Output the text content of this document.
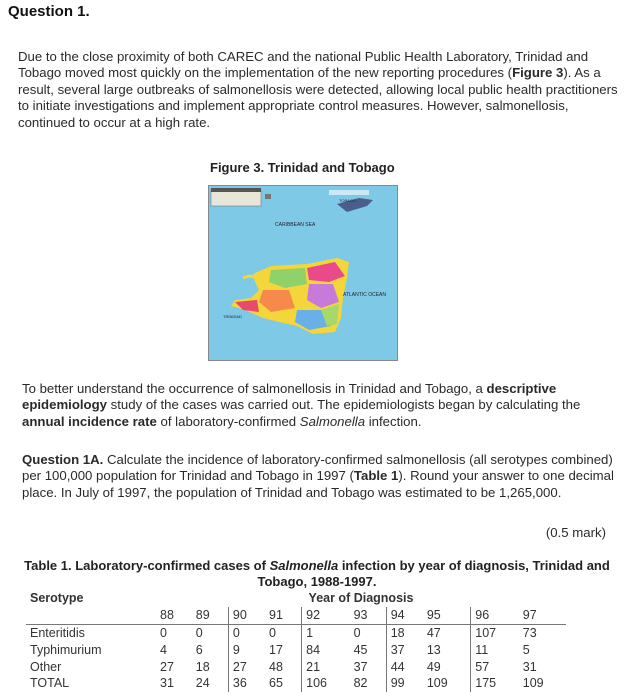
Question 1.
Due to the close proximity of both CAREC and the national Public Health Laboratory, Trinidad and Tobago moved most quickly on the implementation of the new reporting procedures (Figure 3). As a result, several large outbreaks of salmonellosis were detected, allowing local public health practitioners to initiate investigations and implement appropriate control measures. However, salmonellosis, continued to occur at a high rate.
Figure 3. Trinidad and Tobago
CARIBBEAN SEA
ATLANTIC OCEAN
TOBAGO
TRINIDAD
To better understand the occurrence of salmonellosis in Trinidad and Tobago, a descriptive epidemiology study of the cases was carried out. The epidemiologists began by calculating the annual incidence rate of laboratory-confirmed Salmonella infection.
Question 1A. Calculate the incidence of laboratory-confirmed salmonellosis (all serotypes combined) per 100,000 population for Trinidad and Tobago in 1997 (Table 1). Round your answer to one decimal place. In July of 1997, the population of Trinidad and Tobago was estimated to be 1,265,000.
(0.5 mark)
Table 1. Laboratory-confirmed cases of Salmonella infection by year of diagnosis, Trinidad and Tobago, 1988-1997.
Serotype	Year of Diagnosis									
	88	89	90	91	92	93	94	95	96	97
Enteritidis	0	0	0	0	1	0	18	47	107	73
Typhimurium	4	6	9	17	84	45	37	13	11	5
Other	27	18	27	48	21	37	44	49	57	31
TOTAL	31	24	36	65	106	82	99	109	175	109
